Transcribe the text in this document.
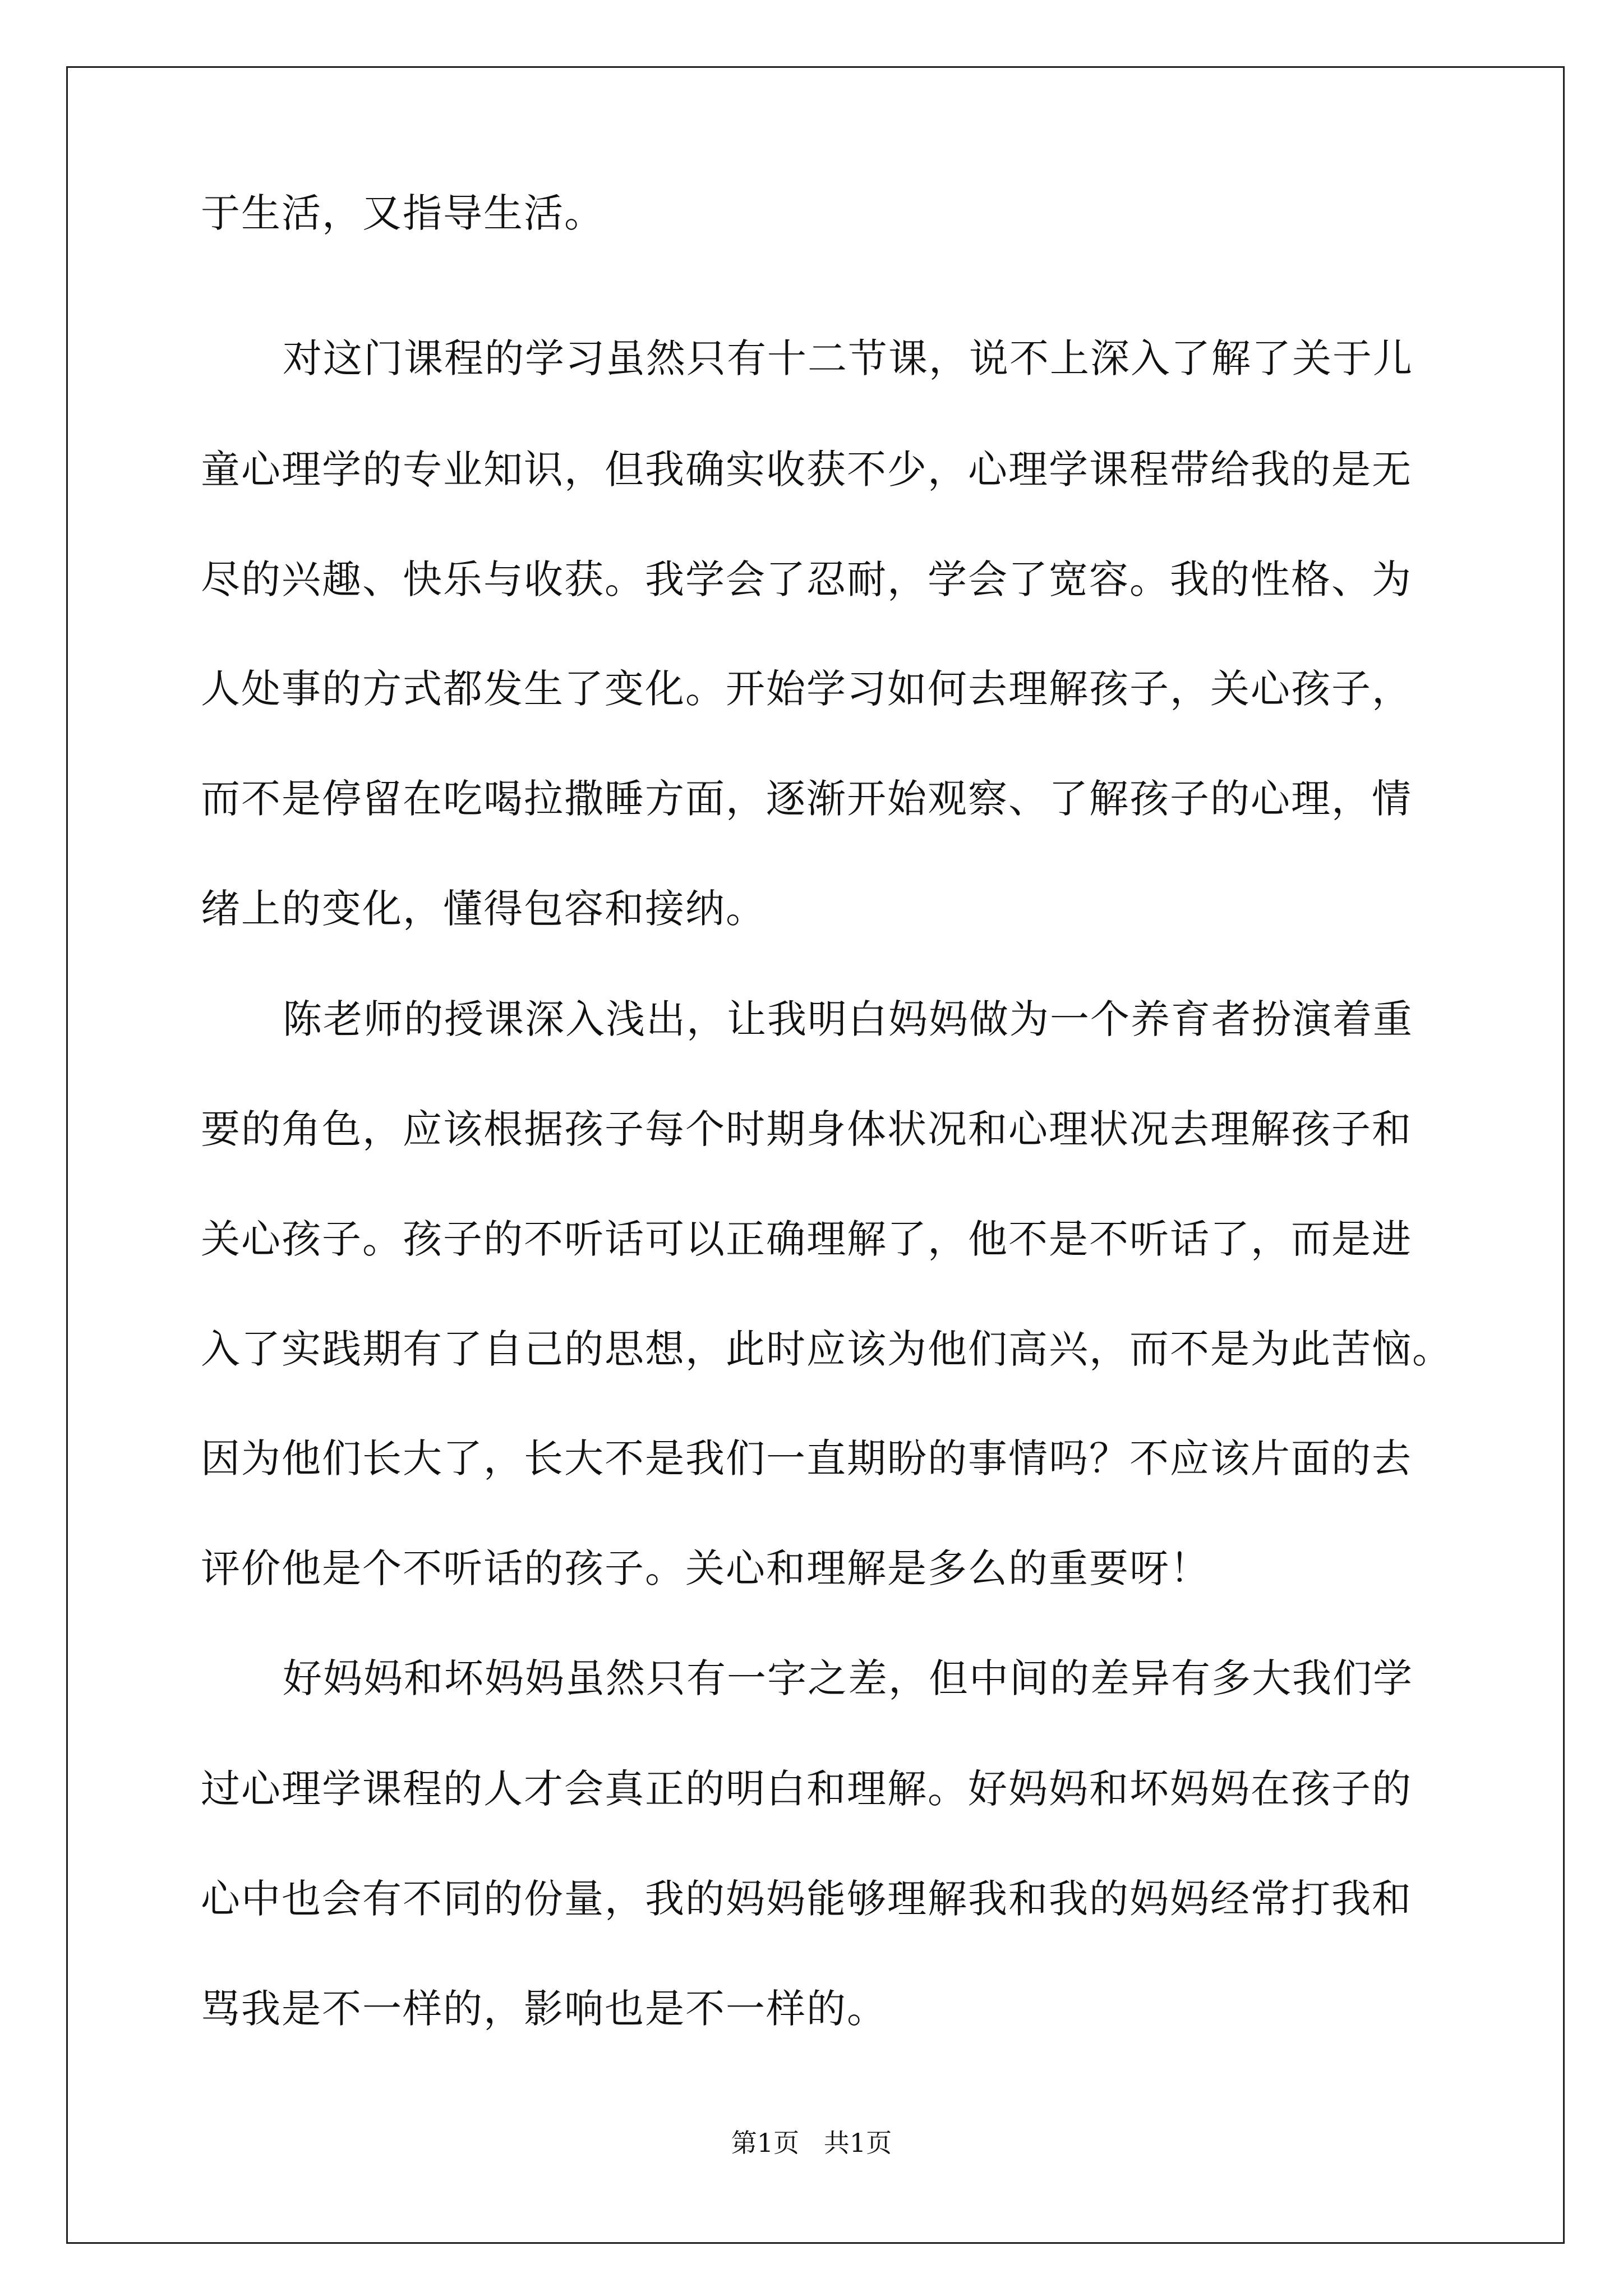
于生活，又指导生活。
对这门课程的学习虽然只有十二节课，说不上深入了解了关于儿
童心理学的专业知识，但我确实收获不少，心理学课程带给我的是无
尽的兴趣、快乐与收获。我学会了忍耐，学会了宽容。我的性格、为
人处事的方式都发生了变化。开始学习如何去理解孩子，关心孩子，
而不是停留在吃喝拉撒睡方面，逐渐开始观察、了解孩子的心理，情
绪上的变化，懂得包容和接纳。
陈老师的授课深入浅出，让我明白妈妈做为一个养育者扮演着重
要的角色，应该根据孩子每个时期身体状况和心理状况去理解孩子和
关心孩子。孩子的不听话可以正确理解了，他不是不听话了，而是进
入了实践期有了自己的思想，此时应该为他们高兴，而不是为此苦恼。
因为他们长大了，长大不是我们一直期盼的事情吗？不应该片面的去
评价他是个不听话的孩子。关心和理解是多么的重要呀！
好妈妈和坏妈妈虽然只有一字之差，但中间的差异有多大我们学
过心理学课程的人才会真正的明白和理解。好妈妈和坏妈妈在孩子的
心中也会有不同的份量，我的妈妈能够理解我和我的妈妈经常打我和
骂我是不一样的，影响也是不一样的。
第1页   共1页
